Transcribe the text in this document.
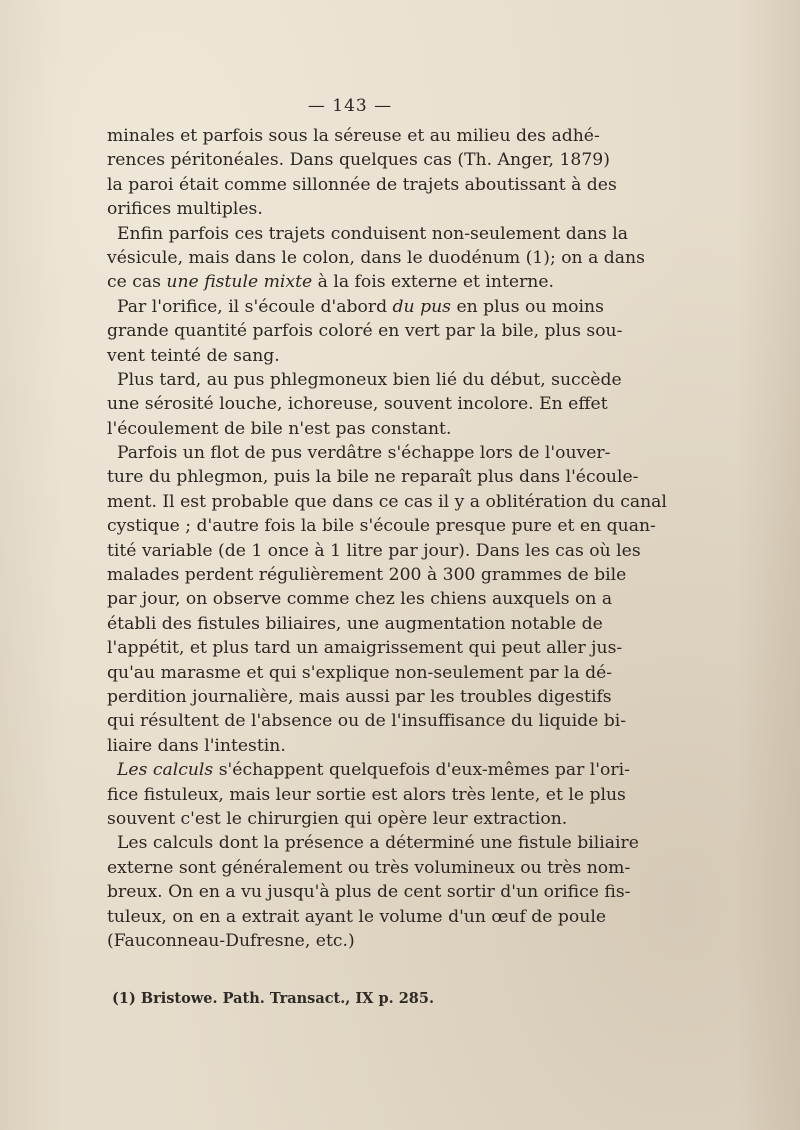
— 143 —
minales et parfois sous la séreuse et au milieu des adhé-
rences péritonéales. Dans quelques cas (Th. Anger, 1879)
la paroi était comme sillonnée de trajets aboutissant à des
orifices multiples.
Enfin parfois ces trajets conduisent non-seulement dans la
vésicule, mais dans le colon, dans le duodénum (1); on a dans
ce cas une fistule mixte à la fois externe et interne.
Par l'orifice, il s'écoule d'abord du pus en plus ou moins
grande quantité parfois coloré en vert par la bile, plus sou-
vent teinté de sang.
Plus tard, au pus phlegmoneux bien lié du début, succède
une sérosité louche, ichoreuse, souvent incolore. En effet
l'écoulement de bile n'est pas constant.
Parfois un flot de pus verdâtre s'échappe lors de l'ouver-
ture du phlegmon, puis la bile ne reparaît plus dans l'écoule-
ment. Il est probable que dans ce cas il y a oblitération du canal
cystique ; d'autre fois la bile s'écoule presque pure et en quan-
tité variable (de 1 once à 1 litre par jour). Dans les cas où les
malades perdent régulièrement 200 à 300 grammes de bile
par jour, on observe comme chez les chiens auxquels on a
établi des fistules biliaires, une augmentation notable de
l'appétit, et plus tard un amaigrissement qui peut aller jus-
qu'au marasme et qui s'explique non-seulement par la dé-
perdition journalière, mais aussi par les troubles digestifs
qui résultent de l'absence ou de l'insuffisance du liquide bi-
liaire dans l'intestin.
Les calculs s'échappent quelquefois d'eux-mêmes par l'ori-
fice fistuleux, mais leur sortie est alors très lente, et le plus
souvent c'est le chirurgien qui opère leur extraction.
Les calculs dont la présence a déterminé une fistule biliaire
externe sont généralement ou très volumineux ou très nom-
breux. On en a vu jusqu'à plus de cent sortir d'un orifice fis-
tuleux, on en a extrait ayant le volume d'un œuf de poule
(Fauconneau-Dufresne, etc.)
(1) Bristowe. Path. Transact., IX p. 285.
